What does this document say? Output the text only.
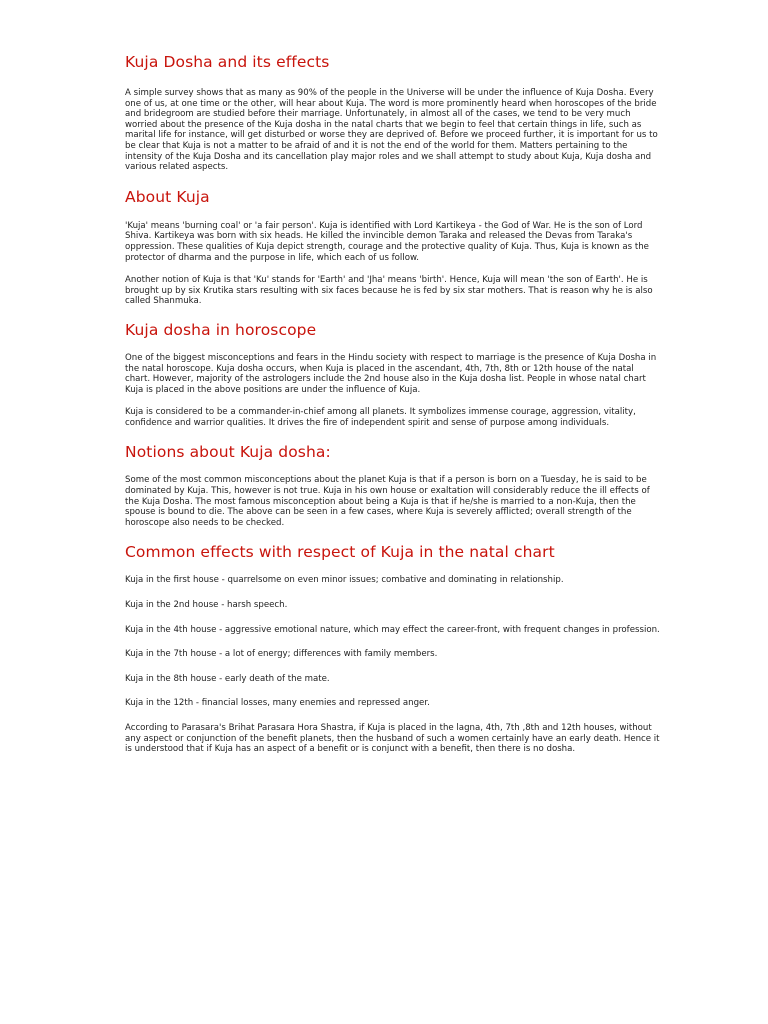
Kuja Dosha and its effects

A simple survey shows that as many as 90% of the people in the Universe will be under the influence of Kuja Dosha. Every one of us, at one time or the other, will hear about Kuja. The word is more prominently heard when horoscopes of the bride and bridegroom are studied before their marriage. Unfortunately, in almost all of the cases, we tend to be very much worried about the presence of the Kuja dosha in the natal charts that we begin to feel that certain things in life, such as marital life for instance, will get disturbed or worse they are deprived of. Before we proceed further, it is important for us to be clear that Kuja is not a matter to be afraid of and it is not the end of the world for them. Matters pertaining to the intensity of the Kuja Dosha and its cancellation play major roles and we shall attempt to study about Kuja, Kuja dosha and various related aspects.

About Kuja

'Kuja' means 'burning coal' or 'a fair person'. Kuja is identified with Lord Kartikeya - the God of War. He is the son of Lord Shiva. Kartikeya was born with six heads. He killed the invincible demon Taraka and released the Devas from Taraka's oppression. These qualities of Kuja depict strength, courage and the protective quality of Kuja. Thus, Kuja is known as the protector of dharma and the purpose in life, which each of us follow.

Another notion of Kuja is that 'Ku' stands for 'Earth' and 'Jha' means 'birth'. Hence, Kuja will mean 'the son of Earth'. He is brought up by six Krutika stars resulting with six faces because he is fed by six star mothers. That is reason why he is also called Shanmuka.

Kuja dosha in horoscope

One of the biggest misconceptions and fears in the Hindu society with respect to marriage is the presence of Kuja Dosha in the natal horoscope. Kuja dosha occurs, when Kuja is placed in the ascendant, 4th, 7th, 8th or 12th house of the natal chart. However, majority of the astrologers include the 2nd house also in the Kuja dosha list. People in whose natal chart Kuja is placed in the above positions are under the influence of Kuja.

Kuja is considered to be a commander-in-chief among all planets. It symbolizes immense courage, aggression, vitality, confidence and warrior qualities. It drives the fire of independent spirit and sense of purpose among individuals.

Notions about Kuja dosha:

Some of the most common misconceptions about the planet Kuja is that if a person is born on a Tuesday, he is said to be dominated by Kuja. This, however is not true. Kuja in his own house or exaltation will considerably reduce the ill effects of the Kuja Dosha. The most famous misconception about being a Kuja is that if he/she is married to a non-Kuja, then the spouse is bound to die. The above can be seen in a few cases, where Kuja is severely afflicted; overall strength of the horoscope also needs to be checked.

Common effects with respect of Kuja in the natal chart

Kuja in the first house - quarrelsome on even minor issues; combative and dominating in relationship.

Kuja in the 2nd house - harsh speech.

Kuja in the 4th house - aggressive emotional nature, which may effect the career-front, with frequent changes in profession.

Kuja in the 7th house - a lot of energy; differences with family members.

Kuja in the 8th house - early death of the mate.

Kuja in the 12th - financial losses, many enemies and repressed anger.

According to Parasara's Brihat Parasara Hora Shastra, if Kuja is placed in the lagna, 4th, 7th ,8th and 12th houses, without any aspect or conjunction of the benefit planets, then the husband of such a women certainly have an early death. Hence it is understood that if Kuja has an aspect of a benefit or is conjunct with a benefit, then there is no dosha.
